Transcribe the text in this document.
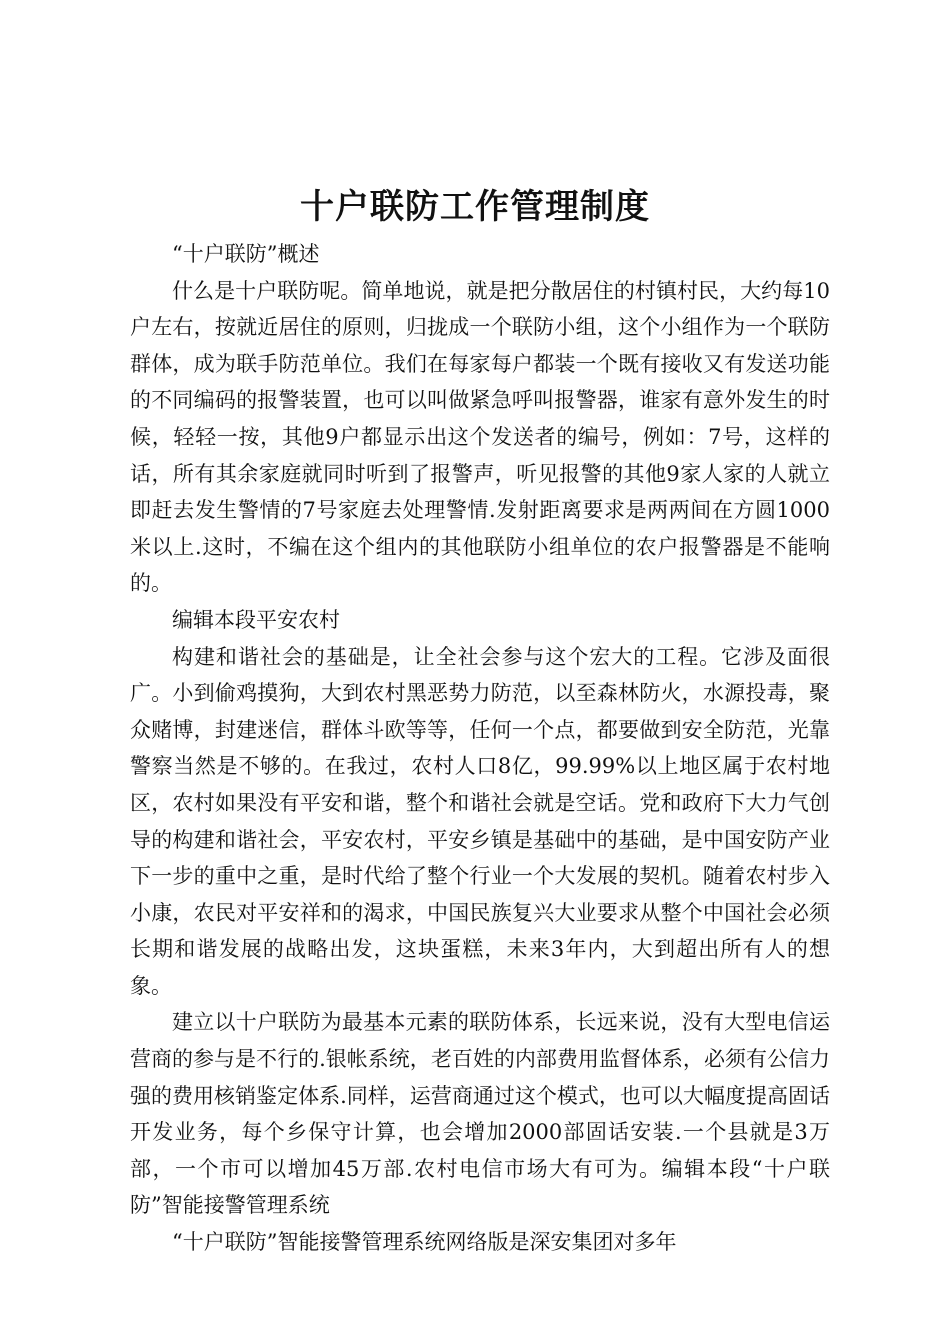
十户联防工作管理制度

“十户联防”概述

什么是十户联防呢。简单地说，就是把分散居住的村镇村民，大约每10户左右，按就近居住的原则，归拢成一个联防小组，这个小组作为一个联防群体，成为联手防范单位。我们在每家每户都装一个既有接收又有发送功能的不同编码的报警装置，也可以叫做紧急呼叫报警器，谁家有意外发生的时候，轻轻一按，其他9户都显示出这个发送者的编号，例如：7号，这样的话，所有其余家庭就同时听到了报警声，听见报警的其他9家人家的人就立即赶去发生警情的7号家庭去处理警情.发射距离要求是两两间在方圆1000米以上.这时，不编在这个组内的其他联防小组单位的农户报警器是不能响的。

编辑本段平安农村

构建和谐社会的基础是，让全社会参与这个宏大的工程。它涉及面很广。小到偷鸡摸狗，大到农村黑恶势力防范，以至森林防火，水源投毒，聚众赌博，封建迷信，群体斗欧等等，任何一个点，都要做到安全防范，光靠警察当然是不够的。在我过，农村人口8亿，99.99%以上地区属于农村地区，农村如果没有平安和谐，整个和谐社会就是空话。党和政府下大力气创导的构建和谐社会，平安农村，平安乡镇是基础中的基础，是中国安防产业下一步的重中之重，是时代给了整个行业一个大发展的契机。随着农村步入小康，农民对平安祥和的渴求，中国民族复兴大业要求从整个中国社会必须长期和谐发展的战略出发，这块蛋糕，未来3年内，大到超出所有人的想象。

建立以十户联防为最基本元素的联防体系，长远来说，没有大型电信运营商的参与是不行的.银帐系统，老百姓的内部费用监督体系，必须有公信力强的费用核销鉴定体系.同样，运营商通过这个模式，也可以大幅度提高固话开发业务，每个乡保守计算，也会增加2000部固话安装.一个县就是3万部，一个市可以增加45万部.农村电信市场大有可为。编辑本段“十户联防”智能接警管理系统

“十户联防”智能接警管理系统网络版是深安集团对多年
